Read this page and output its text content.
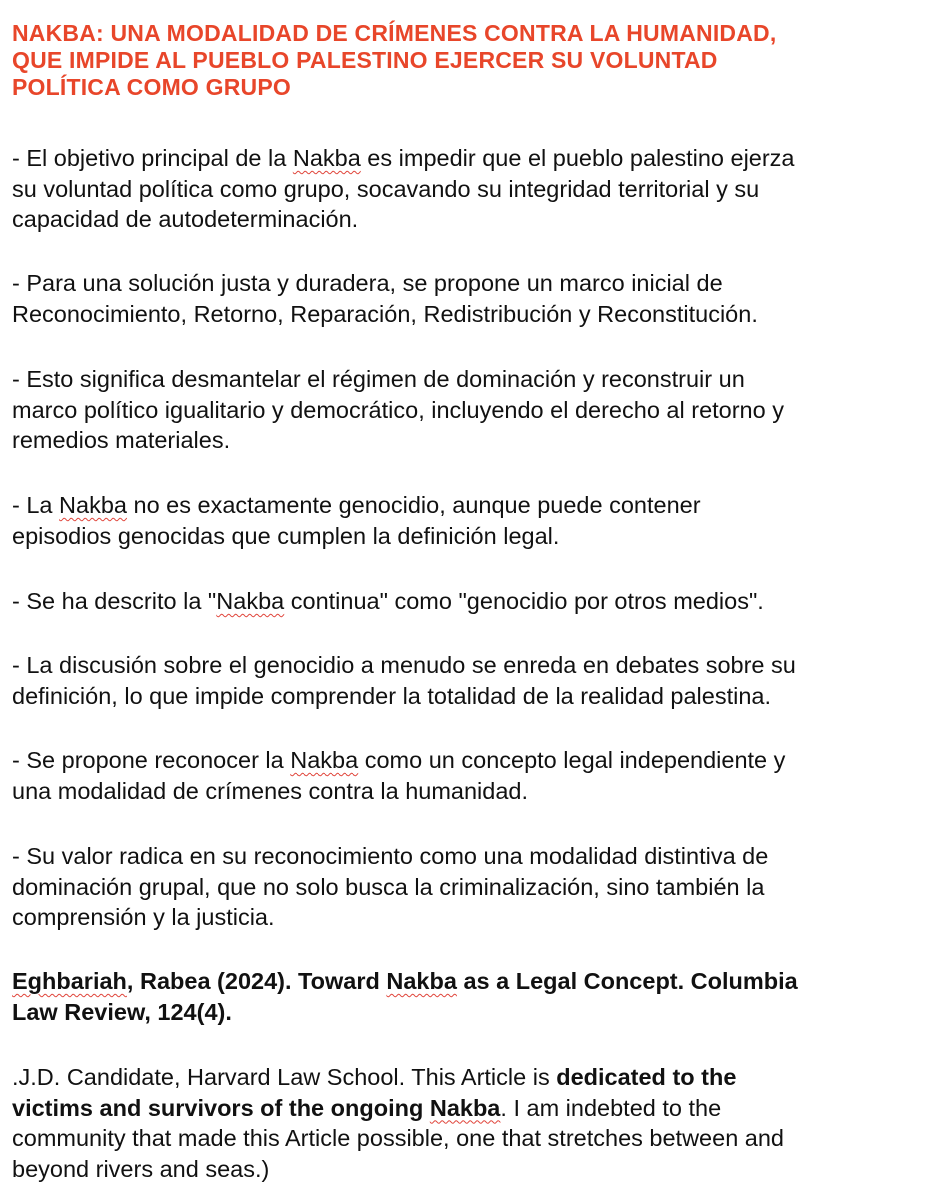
NAKBA: UNA MODALIDAD DE CRÍMENES CONTRA LA HUMANIDAD,
QUE IMPIDE AL PUEBLO PALESTINO EJERCER SU VOLUNTAD
POLÍTICA COMO GRUPO
- El objetivo principal de la Nakba es impedir que el pueblo palestino ejerza
su voluntad política como grupo, socavando su integridad territorial y su
capacidad de autodeterminación.
- Para una solución justa y duradera, se propone un marco inicial de
Reconocimiento, Retorno, Reparación, Redistribución y Reconstitución.
- Esto significa desmantelar el régimen de dominación y reconstruir un
marco político igualitario y democrático, incluyendo el derecho al retorno y
remedios materiales.
- La Nakba no es exactamente genocidio, aunque puede contener
episodios genocidas que cumplen la definición legal.
- Se ha descrito la "Nakba continua" como "genocidio por otros medios".
- La discusión sobre el genocidio a menudo se enreda en debates sobre su
definición, lo que impide comprender la totalidad de la realidad palestina.
- Se propone reconocer la Nakba como un concepto legal independiente y
una modalidad de crímenes contra la humanidad.
- Su valor radica en su reconocimiento como una modalidad distintiva de
dominación grupal, que no solo busca la criminalización, sino también la
comprensión y la justicia.
Eghbariah, Rabea (2024). Toward Nakba as a Legal Concept. Columbia
Law Review, 124(4).
.J.D. Candidate, Harvard Law School. This Article is dedicated to the
victims and survivors of the ongoing Nakba. I am indebted to the
community that made this Article possible, one that stretches between and
beyond rivers and seas.)
